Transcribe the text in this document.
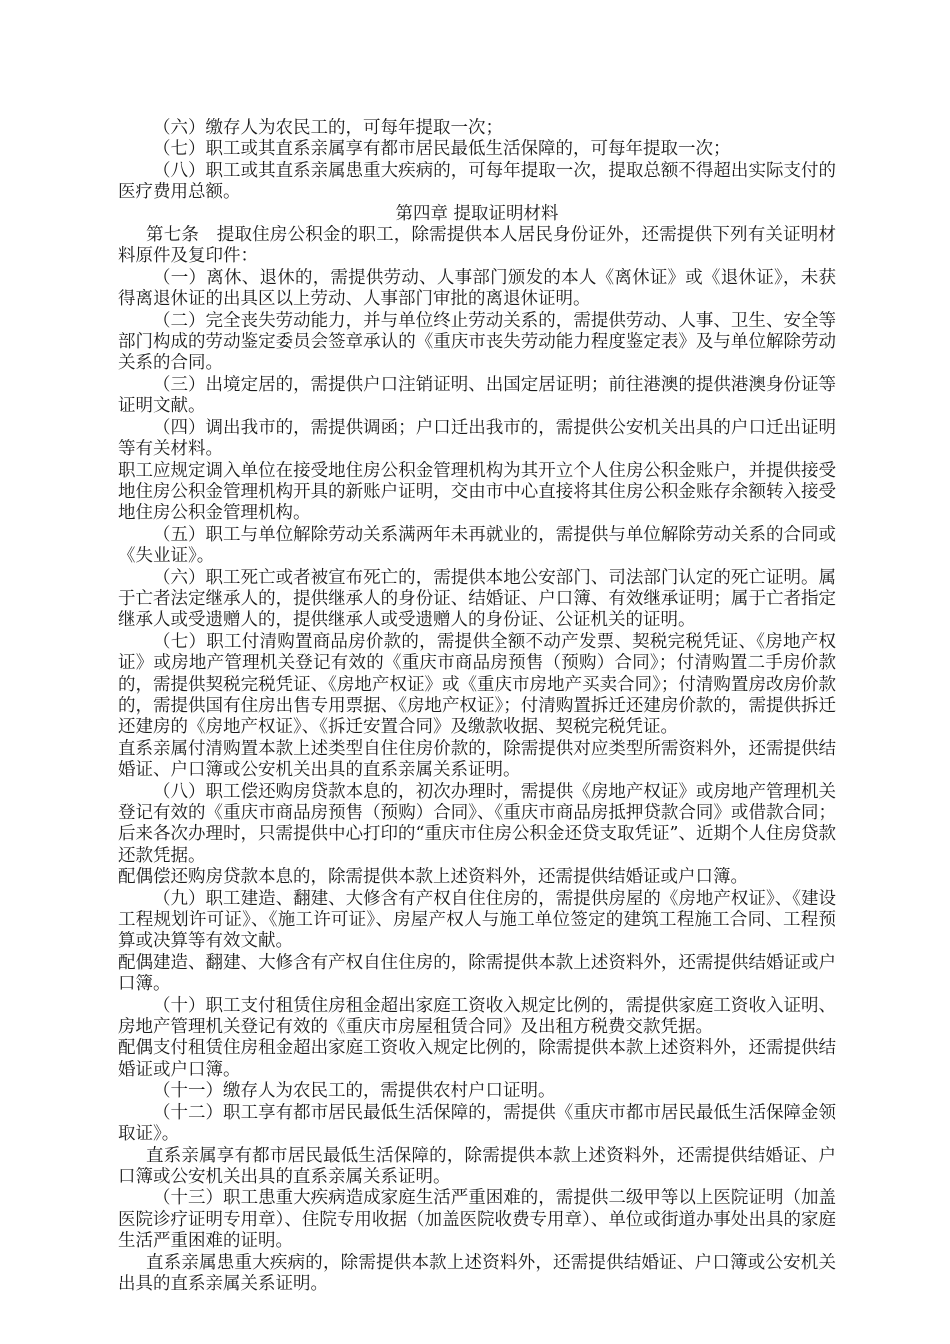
（六）缴存人为农民工的，可每年提取一次；

（七）职工或其直系亲属享有都市居民最低生活保障的，可每年提取一次；

（八）职工或其直系亲属患重大疾病的，可每年提取一次，提取总额不得超出实际支付的医疗费用总额。

第四章 提取证明材料

第七条　提取住房公积金的职工，除需提供本人居民身份证外，还需提供下列有关证明材料原件及复印件：

（一）离休、退休的，需提供劳动、人事部门颁发的本人《离休证》或《退休证》，未获得离退休证的出具区以上劳动、人事部门审批的离退休证明。

（二）完全丧失劳动能力，并与单位终止劳动关系的，需提供劳动、人事、卫生、安全等部门构成的劳动鉴定委员会签章承认的《重庆市丧失劳动能力程度鉴定表》及与单位解除劳动关系的合同。

（三）出境定居的，需提供户口注销证明、出国定居证明；前往港澳的提供港澳身份证等证明文献。

（四）调出我市的，需提供调函；户口迁出我市的，需提供公安机关出具的户口迁出证明等有关材料。

职工应规定调入单位在接受地住房公积金管理机构为其开立个人住房公积金账户，并提供接受地住房公积金管理机构开具的新账户证明，交由市中心直接将其住房公积金账存余额转入接受地住房公积金管理机构。

（五）职工与单位解除劳动关系满两年未再就业的，需提供与单位解除劳动关系的合同或《失业证》。

（六）职工死亡或者被宣布死亡的，需提供本地公安部门、司法部门认定的死亡证明。属于亡者法定继承人的，提供继承人的身份证、结婚证、户口簿、有效继承证明；属于亡者指定继承人或受遗赠人的，提供继承人或受遗赠人的身份证、公证机关的证明。

（七）职工付清购置商品房价款的，需提供全额不动产发票、契税完税凭证、《房地产权证》或房地产管理机关登记有效的《重庆市商品房预售（预购）合同》；付清购置二手房价款的，需提供契税完税凭证、《房地产权证》或《重庆市房地产买卖合同》；付清购置房改房价款的，需提供国有住房出售专用票据、《房地产权证》；付清购置拆迁还建房价款的，需提供拆迁还建房的《房地产权证》、《拆迁安置合同》及缴款收据、契税完税凭证。

直系亲属付清购置本款上述类型自住住房价款的，除需提供对应类型所需资料外，还需提供结婚证、户口簿或公安机关出具的直系亲属关系证明。

（八）职工偿还购房贷款本息的，初次办理时，需提供《房地产权证》或房地产管理机关登记有效的《重庆市商品房预售（预购）合同》、《重庆市商品房抵押贷款合同》或借款合同；后来各次办理时，只需提供中心打印的“重庆市住房公积金还贷支取凭证”、近期个人住房贷款还款凭据。

配偶偿还购房贷款本息的，除需提供本款上述资料外，还需提供结婚证或户口簿。

（九）职工建造、翻建、大修含有产权自住住房的，需提供房屋的《房地产权证》、《建设工程规划许可证》、《施工许可证》、房屋产权人与施工单位签定的建筑工程施工合同、工程预算或决算等有效文献。

配偶建造、翻建、大修含有产权自住住房的，除需提供本款上述资料外，还需提供结婚证或户口簿。

（十）职工支付租赁住房租金超出家庭工资收入规定比例的，需提供家庭工资收入证明、房地产管理机关登记有效的《重庆市房屋租赁合同》及出租方税费交款凭据。

配偶支付租赁住房租金超出家庭工资收入规定比例的，除需提供本款上述资料外，还需提供结婚证或户口簿。

（十一）缴存人为农民工的，需提供农村户口证明。

（十二）职工享有都市居民最低生活保障的，需提供《重庆市都市居民最低生活保障金领取证》。

直系亲属享有都市居民最低生活保障的，除需提供本款上述资料外，还需提供结婚证、户口簿或公安机关出具的直系亲属关系证明。

（十三）职工患重大疾病造成家庭生活严重困难的，需提供二级甲等以上医院证明（加盖医院诊疗证明专用章）、住院专用收据（加盖医院收费专用章）、单位或街道办事处出具的家庭生活严重困难的证明。

直系亲属患重大疾病的，除需提供本款上述资料外，还需提供结婚证、户口簿或公安机关出具的直系亲属关系证明。
